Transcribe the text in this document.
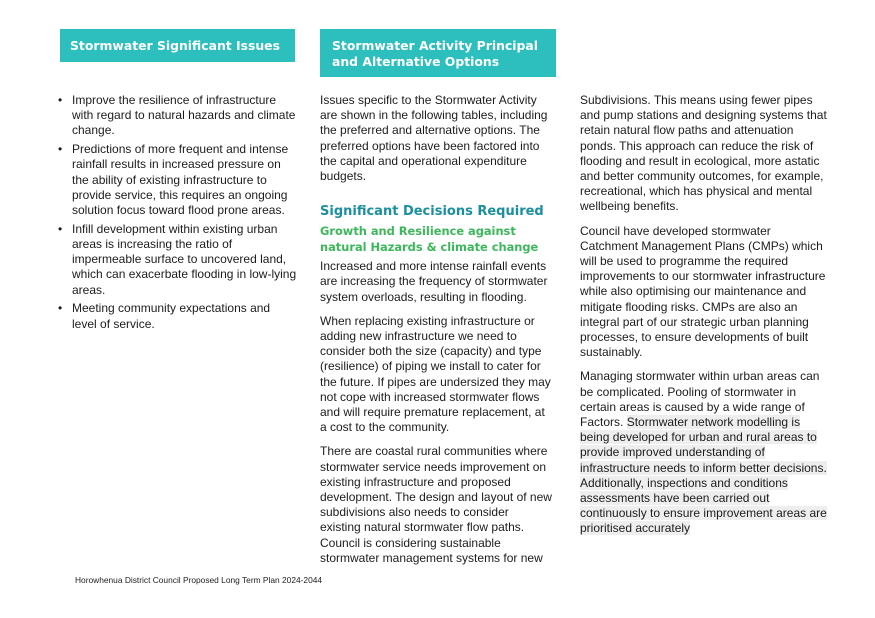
Stormwater Significant Issues	Stormwater Activity Principal
and Alternative Options
• Improve the resilience of infrastructure with regard to natural hazards and climate change.
• Predictions of more frequent and intense rainfall results in increased pressure on the ability of existing infrastructure to provide service, this requires an ongoing solution focus toward flood prone areas.
• Infill development within existing urban areas is increasing the ratio of impermeable surface to uncovered land, which can exacerbate flooding in low-lying areas.
• Meeting community expectations and level of service.

Issues specific to the Stormwater Activity are shown in the following tables, including the preferred and alternative options. The preferred options have been factored into the capital and operational expenditure budgets.

Significant Decisions Required
Growth and Resilience against natural Hazards & climate change

Increased and more intense rainfall events are increasing the frequency of stormwater system overloads, resulting in flooding.

When replacing existing infrastructure or adding new infrastructure we need to consider both the size (capacity) and type (resilience) of piping we install to cater for the future. If pipes are undersized they may not cope with increased stormwater flows and will require premature replacement, at a cost to the community.

There are coastal rural communities where stormwater service needs improvement on existing infrastructure and proposed development. The design and layout of new subdivisions also needs to consider existing natural stormwater flow paths. Council is considering sustainable stormwater management systems for new

Subdivisions. This means using fewer pipes and pump stations and designing systems that retain natural flow paths and attenuation ponds. This approach can reduce the risk of flooding and result in ecological, more astatic and better community outcomes, for example, recreational, which has physical and mental wellbeing benefits.

Council have developed stormwater Catchment Management Plans (CMPs) which will be used to programme the required improvements to our stormwater infrastructure while also optimising our maintenance and mitigate flooding risks. CMPs are also an integral part of our strategic urban planning processes, to ensure developments of built sustainably.

Managing stormwater within urban areas can be complicated. Pooling of stormwater in certain areas is caused by a wide range of Factors. Stormwater network modelling is being developed for urban and rural areas to provide improved understanding of infrastructure needs to inform better decisions. Additionally, inspections and conditions assessments have been carried out continuously to ensure improvement areas are prioritised accurately

Horowhenua District Council Proposed Long Term Plan 2024-2044
